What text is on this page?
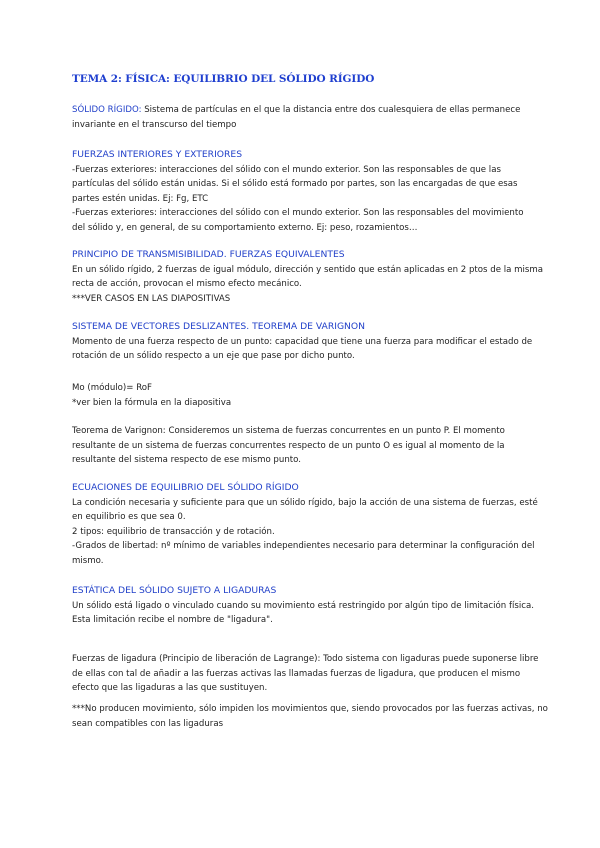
TEMA 2: FÍSICA: EQUILIBRIO DEL SÓLIDO RÍGIDO
SÓLIDO RÍGIDO: Sistema de partículas en el que la distancia entre dos cualesquiera de ellas permanece
invariante en el transcurso del tiempo
FUERZAS INTERIORES Y EXTERIORES
-Fuerzas exteriores: interacciones del sólido con el mundo exterior. Son las responsables de que las
partículas del sólido están unidas. Si el sólido está formado por partes, son las encargadas de que esas
partes estén unidas. Ej: Fg, ETC
-Fuerzas exteriores: interacciones del sólido con el mundo exterior. Son las responsables del movimiento
del sólido y, en general, de su comportamiento externo. Ej: peso, rozamientos…
PRINCIPIO DE TRANSMISIBILIDAD. FUERZAS EQUIVALENTES
En un sólido rígido, 2 fuerzas de igual módulo, dirección y sentido que están aplicadas en 2 ptos de la misma
recta de acción, provocan el mismo efecto mecánico.
***VER CASOS EN LAS DIAPOSITIVAS
SISTEMA DE VECTORES DESLIZANTES. TEOREMA DE VARIGNON
Momento de una fuerza respecto de un punto: capacidad que tiene una fuerza para modificar el estado de
rotación de un sólido respecto a un eje que pase por dicho punto.
Mo (módulo)= RoF
*ver bien la fórmula en la diapositiva
Teorema de Varignon: Consideremos un sistema de fuerzas concurrentes en un punto P. El momento
resultante de un sistema de fuerzas concurrentes respecto de un punto O es igual al momento de la
resultante del sistema respecto de ese mismo punto.
ECUACIONES DE EQUILIBRIO DEL SÓLIDO RÍGIDO
La condición necesaria y suficiente para que un sólido rígido, bajo la acción de una sistema de fuerzas, esté
en equilibrio es que sea 0.
2 tipos: equilibrio de transacción y de rotación.
-Grados de libertad: nº mínimo de variables independientes necesario para determinar la configuración del
mismo.
ESTÁTICA DEL SÓLIDO SUJETO A LIGADURAS
Un sólido está ligado o vinculado cuando su movimiento está restringido por algún tipo de limitación física.
Esta limitación recibe el nombre de "ligadura".
Fuerzas de ligadura (Principio de liberación de Lagrange): Todo sistema con ligaduras puede suponerse libre
de ellas con tal de añadir a las fuerzas activas las llamadas fuerzas de ligadura, que producen el mismo
efecto que las ligaduras a las que sustituyen.
***No producen movimiento, sólo impiden los movimientos que, siendo provocados por las fuerzas activas, no
sean compatibles con las ligaduras
